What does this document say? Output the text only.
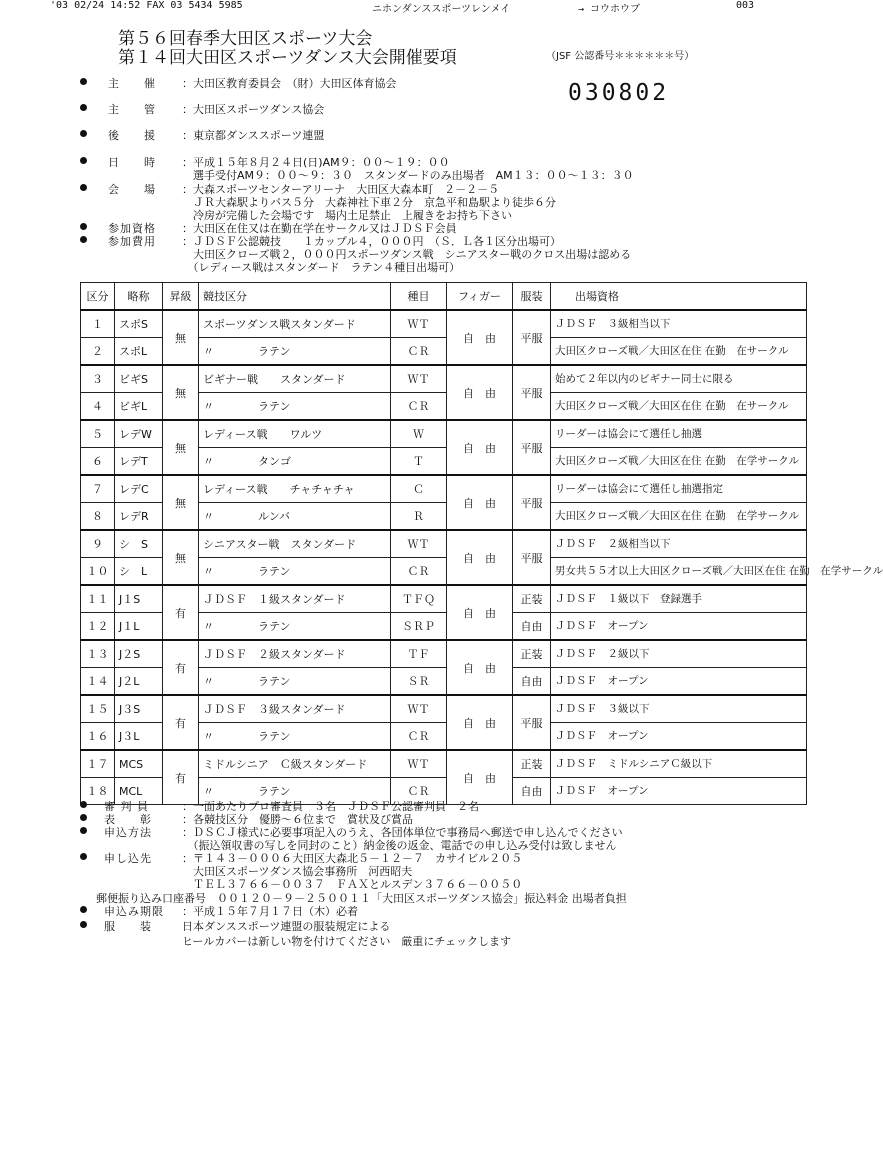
'03 02/24 14:52 FAX 03 5434 5985	ニホンダンススポーツレンメイ	→ コウホウブ	003
第５６回春季大田区スポーツ大会
第１４回大田区スポーツダンス大会開催要項	（JSF 公認番号＊＊＊＊＊＊号）
030802
主　　催 ：大田区教育委員会　（財）大田区体育協会
主　　管 ：大田区スポーツダンス協会
後　　援 ：東京都ダンススポーツ連盟
日　　時 ：平成１５年８月２４日(日)AM９：００～１９：００
　選手受付AM９：００～９：３０　スタンダードのみ出場者　AM１３：００～１３：３０
会　　場 ：大森スポーツセンターアリーナ　大田区大森本町　２－２－５
　ＪＲ大森駅よりバス５分　大森神社下車２分　京急平和島駅より徒歩６分
　冷房が完備した会場です　場内土足禁止　上履きをお持ち下さい
参加資格 ：大田区在住又は在勤在学在サークル又はＪＤＳＦ会員
参加費用 ：ＪＤＳＦ公認競技　　１カップル４，０００円　（Ｓ．Ｌ各１区分出場可）
　大田区クローズ戦２，０００円スポーツダンス戦　シニアスター戦のクロス出場は認める
　（レディース戦はスタンダード　ラテン４種目出場可）
区分	略称	昇級	競技区分	種目	フィガー	服装	出場資格
１	スポS	無	スポーツダンス戦スタンダード	ＷＴ	自　由	平服	ＪＤＳＦ　３級相当以下
２	スポL		〃　　　　ラテン	ＣＲ			大田区クローズ戦／大田区在住 在勤　在サークル
３	ビギS	無	ビギナー戦　　スタンダード	ＷＴ	自　由	平服	始めて２年以内のビギナー同士に限る
４	ビギL		〃　　　　ラテン	ＣＲ			大田区クローズ戦／大田区在住 在勤　在サークル
５	レデW	無	レディース戦　　ワルツ	Ｗ	自　由	平服	リーダーは協会にて選任し抽選
６	レデT		〃　　　　タンゴ	Ｔ			大田区クローズ戦／大田区在住 在勤　在学サークル
７	レデC	無	レディース戦　　チャチャチャ	Ｃ	自　由	平服	リーダーは協会にて選任し抽選指定
８	レデR		〃　　　　ルンバ	Ｒ			大田区クローズ戦／大田区在住 在勤　在学サークル
９	シ　S	無	シニアスター戦　スタンダード	ＷＴ	自　由	平服	ＪＤＳＦ　２級相当以下
１０	シ　L		〃　　　　ラテン	ＣＲ			男女共５５才以上大田区クローズ戦／大田区在住 在勤　在学サークル
１１	J１S	有	ＪＤＳＦ　１級スタンダード	ＴＦＱ	自　由	正装	ＪＤＳＦ　１級以下　登録選手
１２	J１L		〃　　　　ラテン	ＳＲＰ		自由	ＪＤＳＦ　オープン
１３	J２S	有	ＪＤＳＦ　２級スタンダード	ＴＦ	自　由	正装	ＪＤＳＦ　２級以下
１４	J２L		〃　　　　ラテン	ＳＲ		自由	ＪＤＳＦ　オープン
１５	J３S	有	ＪＤＳＦ　３級スタンダード	ＷＴ	自　由	平服	ＪＤＳＦ　３級以下
１６	J３L		〃　　　　ラテン	ＣＲ			ＪＤＳＦ　オープン
１７	MCS	有	ミドルシニア　Ｃ級スタンダード	ＷＴ	自　由	正装	ＪＤＳＦ　ミドルシニアＣ級以下
１８	MCL		〃　　　　ラテン	ＣＲ		自由	ＪＤＳＦ　オープン
審 判 員	：一面あたりプロ審査員　３名　ＪＤＳＦ公認審判員　２名
表　　彰	：各競技区分　優勝～６位まで　賞状及び賞品
申込方法	：ＤＳＣＪ様式に必要事項記入のうえ、各団体単位で事務局へ郵送で申し込んでください
　（振込領収書の写しを同封のこと）納金後の返金、電話での申し込み受付は致しません
申し込先	：〒１４３－０００６大田区大森北５－１２－７　カサイビル２０５
　大田区スポーツダンス協会事務所　河西昭夫
　ＴＥＬ３７６６－００３７　ＦＡＸとルスデン３７６６－００５０
郵便振り込み口座番号　００１２０－９－２５００１１「大田区スポーツダンス協会」振込料金 出場者負担
申込み期限 ：平成１５年７月１７日（木）必着
服　　装	日本ダンススポーツ連盟の服装規定による
ヒールカバーは新しい物を付けてください　厳重にチェックします
